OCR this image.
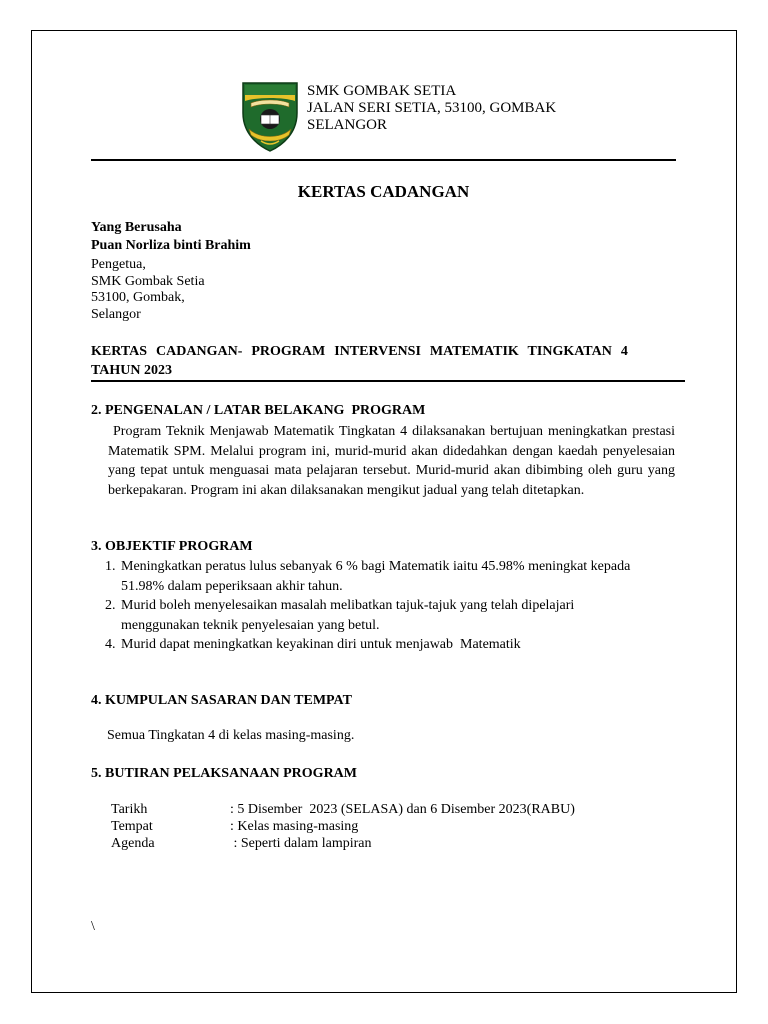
SMK GOMBAK SETIA
JALAN SERI SETIA, 53100, GOMBAK
SELANGOR
KERTAS CADANGAN
Yang Berusaha
Puan Norliza binti Brahim
Pengetua,
SMK Gombak Setia
53100, Gombak,
Selangor
KERTAS  CADANGAN-  PROGRAM  INTERVENSI  MATEMATIK  TINGKATAN  4
TAHUN 2023
2. PENGENALAN / LATAR BELAKANG  PROGRAM
Program Teknik Menjawab Matematik Tingkatan 4 dilaksanakan bertujuan meningkatkan prestasi Matematik SPM. Melalui program ini, murid-murid akan didedahkan dengan kaedah penyelesaian yang tepat untuk menguasai mata pelajaran tersebut. Murid-murid akan dibimbing oleh guru yang berkepakaran. Program ini akan dilaksanakan mengikut jadual yang telah ditetapkan.
3. OBJEKTIF PROGRAM
1. Meningkatkan peratus lulus sebanyak 6 % bagi Matematik iaitu 45.98% meningkat kepada 51.98% dalam peperiksaan akhir tahun.
2. Murid boleh menyelesaikan masalah melibatkan tajuk-tajuk yang telah dipelajari menggunakan teknik penyelesaian yang betul.
4. Murid dapat meningkatkan keyakinan diri untuk menjawab  Matematik
4. KUMPULAN SASARAN DAN TEMPAT
Semua Tingkatan 4 di kelas masing-masing.
5. BUTIRAN PELAKSANAAN PROGRAM
Tarikh	: 5 Disember  2023 (SELASA) dan 6 Disember 2023(RABU)
Tempat	: Kelas masing-masing
Agenda	: Seperti dalam lampiran
\
